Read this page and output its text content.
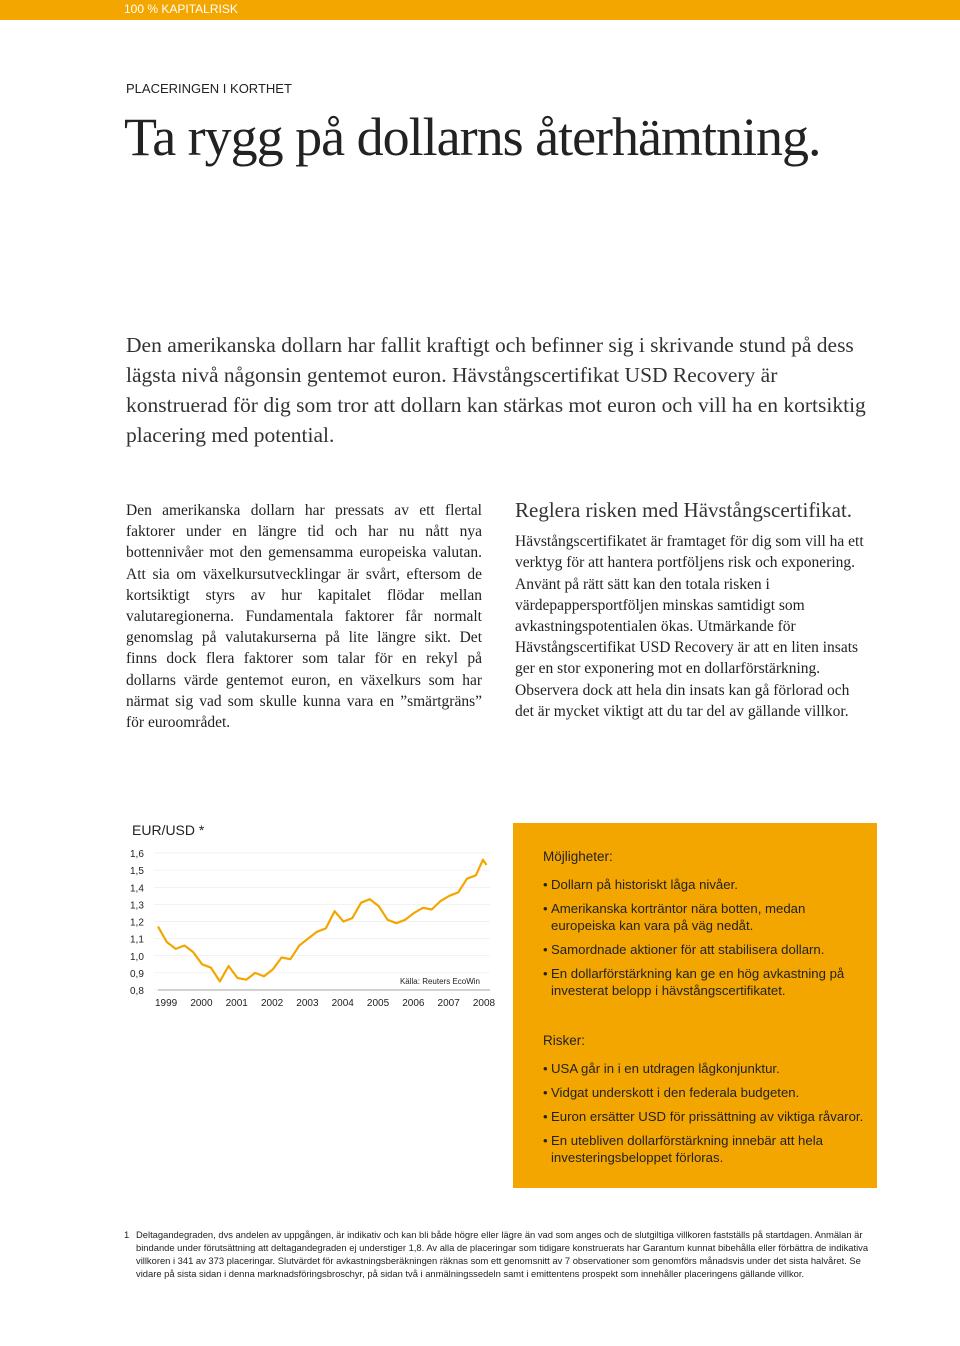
100 % KAPITALRISK
PLACERINGEN I KORTHET
Ta rygg på dollarns återhämtning.
Den amerikanska dollarn har fallit kraftigt och befinner sig i skrivande stund på dess lägsta nivå någonsin gentemot euron. Hävstångscertifikat USD Recovery är konstruerad för dig som tror att dollarn kan stärkas mot euron och vill ha en kortsiktig placering med potential.
Den amerikanska dollarn har pressats av ett flertal faktorer under en längre tid och har nu nått nya bottennivåer mot den gemensamma europeiska valutan. Att sia om växelkursutvecklingar är svårt, eftersom de kortsiktigt styrs av hur kapitalet flödar mellan valutaregionerna. Fundamentala faktorer får normalt genomslag på valutakurserna på lite längre sikt. Det finns dock flera faktorer som talar för en rekyl på dollarns värde gentemot euron, en växelkurs som har närmat sig vad som skulle kunna vara en ”smärtgräns” för euroområdet.
Reglera risken med Hävstångscertifikat.
Hävstångscertifikatet är framtaget för dig som vill ha ett verktyg för att hantera portföljens risk och exponering. Använt på rätt sätt kan den totala risken i värdepappersportföljen minskas samtidigt som avkastningspotentialen ökas. Utmärkande för Hävstångscertifikat USD Recovery är att en liten insats ger en stor exponering mot en dollarförstärkning. Observera dock att hela din insats kan gå förlorad och det är mycket viktigt att du tar del av gällande villkor.
EUR/USD *
1,6
1,5
1,4
1,3
1,2
1,1
1,0
0,9
0,8
1999 2000 2001 2002 2003 2004 2005 2006 2007 2008
Källa: Reuters EcoWin
Möjligheter:
• Dollarn på historiskt låga nivåer.
• Amerikanska korträntor nära botten, medan europeiska kan vara på väg nedåt.
• Samordnade aktioner för att stabilisera dollarn.
• En dollarförstärkning kan ge en hög avkastning på investerat belopp i hävstångscertifikatet.
Risker:
• USA går in i en utdragen lågkonjunktur.
• Vidgat underskott i den federala budgeten.
• Euron ersätter USD för prissättning av viktiga råvaror.
• En utebliven dollarförstärkning innebär att hela investeringsbeloppet förloras.
1 Deltagandegraden, dvs andelen av uppgången, är indikativ och kan bli både högre eller lägre än vad som anges och de slutgiltiga villkoren fastställs på startdagen. Anmälan är bindande under förutsättning att deltagandegraden ej understiger 1,8. Av alla de placeringar som tidigare konstruerats har Garantum kunnat bibehålla eller förbättra de indikativa villkoren i 341 av 373 placeringar. Slutvärdet för avkastningsberäkningen räknas som ett genomsnitt av 7 observationer som genomförs månadsvis under det sista halvåret. Se vidare på sista sidan i denna marknadsföringsbroschyr, på sidan två i anmälningssedeln samt i emittentens prospekt som innehåller placeringens gällande villkor.
